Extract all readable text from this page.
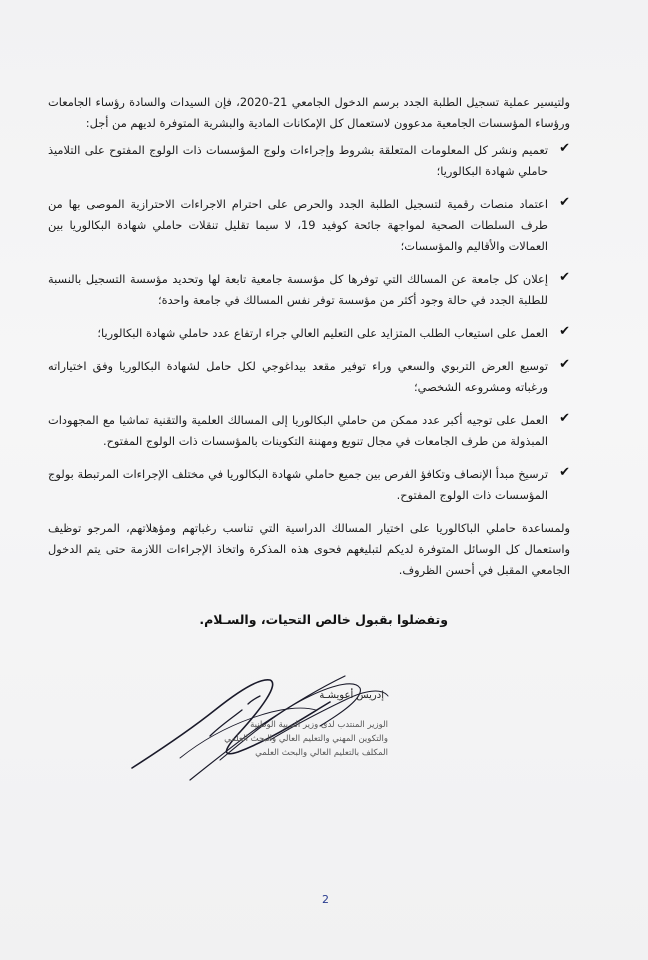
ولتيسير عملية تسجيل الطلبة الجدد برسم الدخول الجامعي 21-2020، فإن السيدات والسادة رؤساء الجامعات ورؤساء المؤسسات الجامعية مدعوون لاستعمال كل الإمكانات المادية والبشرية المتوفرة لديهم من أجل:

✔
تعميم ونشر كل المعلومات المتعلقة بشروط وإجراءات ولوج المؤسسات ذات الولوج المفتوح على التلاميذ حاملي شهادة البكالوريا؛
✔
اعتماد منصات رقمية لتسجيل الطلبة الجدد والحرص على احترام الاجراءات الاحترازية الموصى بها من طرف السلطات الصحية لمواجهة جائحة كوفيد 19، لا سيما تقليل تنقلات حاملي شهادة البكالوريا بين العمالات والأقاليم والمؤسسات؛
✔
إعلان كل جامعة عن المسالك التي توفرها كل مؤسسة جامعية تابعة لها وتحديد مؤسسة التسجيل بالنسبة للطلبة الجدد في حالة وجود أكثر من مؤسسة توفر نفس المسالك في جامعة واحدة؛
✔
العمل على استيعاب الطلب المتزايد على التعليم العالي جراء ارتفاع عدد حاملي شهادة البكالوريا؛
✔
توسيع العرض التربوي والسعي وراء توفير مقعد بيداغوجي لكل حامل لشهادة البكالوريا وفق اختياراته ورغباته ومشروعه الشخصي؛
✔
العمل على توجيه أكبر عدد ممكن من حاملي البكالوريا إلى المسالك العلمية والتقنية تماشيا مع المجهودات المبذولة من طرف الجامعات في مجال تنويع ومهننة التكوينات بالمؤسسات ذات الولوج المفتوح.
✔
ترسيخ مبدأ الإنصاف وتكافؤ الفرص بين جميع حاملي شهادة البكالوريا في مختلف الإجراءات المرتبطة بولوج المؤسسات ذات الولوج المفتوح.

ولمساعدة حاملي الباكالوريا على اختيار المسالك الدراسية التي تناسب رغباتهم ومؤهلاتهم، المرجو توظيف واستعمال كل الوسائل المتوفرة لديكم لتبليغهم فحوى هذه المذكرة واتخاذ الإجراءات اللازمة حتى يتم الدخول الجامعي المقبل في أحسن الظروف.

وتفضلوا بقبول خالص التحيات، والسـلام.
إدريس أعويشـة
الوزير المنتدب لدى وزير التربية الوطنية والتكوين المهني والتعليم العالي والبحث العلمي المكلف بالتعليم العالي والبحث العلمي
2
